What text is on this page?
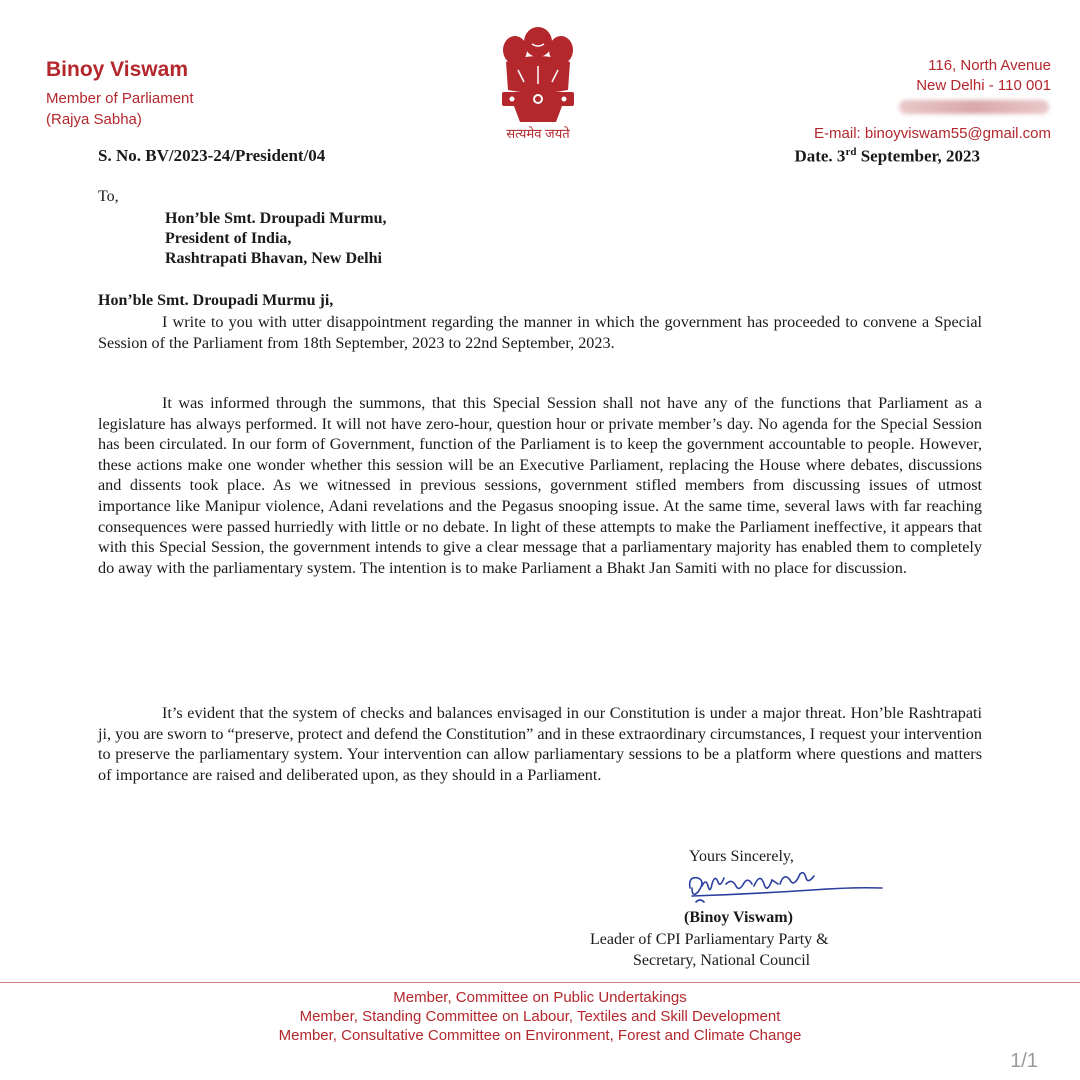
Binoy Viswam
Member of Parliament
(Rajya Sabha)
सत्यमेव जयते
116, North Avenue
New Delhi - 110 001
E-mail: binoyviswam55@gmail.com
S. No. BV/2023-24/President/04	Date. 3rd September, 2023
To,
Hon’ble Smt. Droupadi Murmu,
President of India,
Rashtrapati Bhavan, New Delhi
Hon’ble Smt. Droupadi Murmu ji,

I write to you with utter disappointment regarding the manner in which the government has proceeded to convene a Special Session of the Parliament from 18th September, 2023 to 22nd September, 2023.

It was informed through the summons, that this Special Session shall not have any of the functions that Parliament as a legislature has always performed. It will not have zero-hour, question hour or private member’s day. No agenda for the Special Session has been circulated. In our form of Government, function of the Parliament is to keep the government accountable to people. However, these actions make one wonder whether this session will be an Executive Parliament, replacing the House where debates, discussions and dissents took place. As we witnessed in previous sessions, government stifled members from discussing issues of utmost importance like Manipur violence, Adani revelations and the Pegasus snooping issue. At the same time, several laws with far reaching consequences were passed hurriedly with little or no debate. In light of these attempts to make the Parliament ineffective, it appears that with this Special Session, the government intends to give a clear message that a parliamentary majority has enabled them to completely do away with the parliamentary system. The intention is to make Parliament a Bhakt Jan Samiti with no place for discussion.

It’s evident that the system of checks and balances envisaged in our Constitution is under a major threat. Hon’ble Rashtrapati ji, you are sworn to “preserve, protect and defend the Constitution” and in these extraordinary circumstances, I request your intervention to preserve the parliamentary system. Your intervention can allow parliamentary sessions to be a platform where questions and matters of importance are raised and deliberated upon, as they should in a Parliament.

Yours Sincerely,
(Binoy Viswam)
Leader of CPI Parliamentary Party &
Secretary, National Council
Member, Committee on Public Undertakings
Member, Standing Committee on Labour, Textiles and Skill Development
Member, Consultative Committee on Environment, Forest and Climate Change
1/1
